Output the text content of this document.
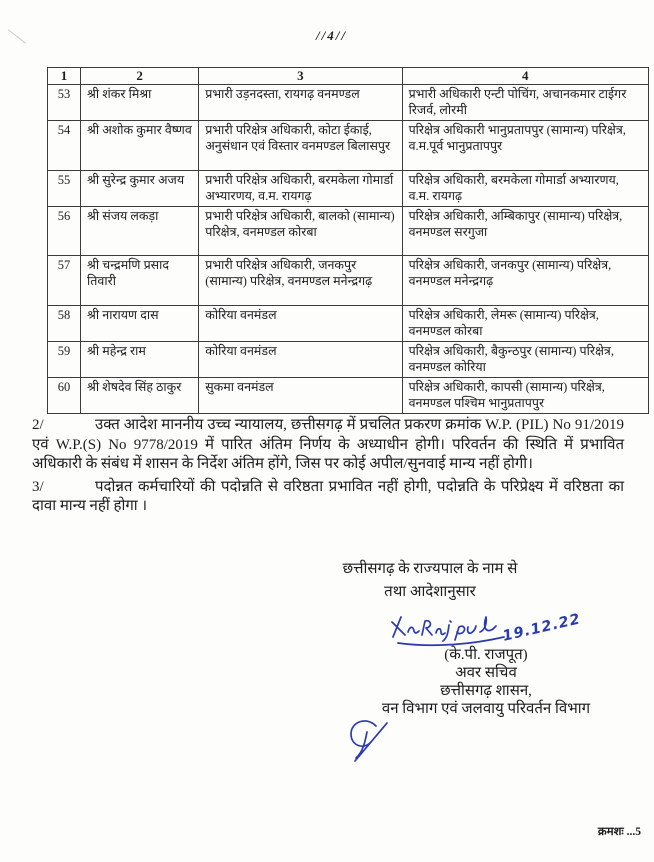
//4//
1	2	3	4
53	श्री शंकर मिश्रा	प्रभारी उड़नदस्ता, रायगढ़ वनमण्डल	प्रभारी अधिकारी एन्टी पोचिंग, अचानकमार टाईगर रिजर्व, लोरमी
54	श्री अशोक कुमार वैष्णव	प्रभारी परिक्षेत्र अधिकारी, कोटा ईकाई, अनुसंधान एवं विस्तार वनमण्डल बिलासपुर	परिक्षेत्र अधिकारी भानुप्रतापपुर (सामान्य) परिक्षेत्र, व.म.पूर्व भानुप्रतापपुर
55	श्री सुरेन्द्र कुमार अजय	प्रभारी परिक्षेत्र अधिकारी, बरमकेला गोमार्डा अभ्यारणय, व.म. रायगढ़	परिक्षेत्र अधिकारी, बरमकेला गोमार्डा अभ्यारणय, व.म. रायगढ़
56	श्री संजय लकड़ा	प्रभारी परिक्षेत्र अधिकारी, बालको (सामान्य) परिक्षेत्र, वनमण्डल कोरबा	परिक्षेत्र अधिकारी, अम्बिकापुर (सामान्य) परिक्षेत्र, वनमण्डल सरगुजा
57	श्री चन्द्रमणि प्रसाद तिवारी	प्रभारी परिक्षेत्र अधिकारी, जनकपुर (सामान्य) परिक्षेत्र, वनमण्डल मनेन्द्रगढ़	परिक्षेत्र अधिकारी, जनकपुर (सामान्य) परिक्षेत्र, वनमण्डल मनेन्द्रगढ़
58	श्री नारायण दास	कोरिया वनमंडल	परिक्षेत्र अधिकारी, लेमरू (सामान्य) परिक्षेत्र, वनमण्डल कोरबा
59	श्री महेन्द्र राम	कोरिया वनमंडल	परिक्षेत्र अधिकारी, बैकुन्ठपुर (सामान्य) परिक्षेत्र, वनमण्डल कोरिया
60	श्री शेषदेव सिंह ठाकुर	सुकमा वनमंडल	परिक्षेत्र अधिकारी, कापसी (सामान्य) परिक्षेत्र, वनमण्डल पश्चिम भानुप्रतापपुर

2/	उक्त आदेश माननीय उच्च न्यायालय, छत्तीसगढ़ में प्रचलित प्रकरण क्रमांक W.P. (PIL) No 91/2019 एवं W.P.(S) No 9778/2019 में पारित अंतिम निर्णय के अध्याधीन होगी। परिवर्तन की स्थिति में प्रभावित अधिकारी के संबंध में शासन के निर्देश अंतिम होंगे, जिस पर कोई अपील/सुनवाई मान्य नहीं होगी।

3/	पदोन्नत कर्मचारियों की पदोन्नति से वरिष्ठता प्रभावित नहीं होगी, पदोन्नति के परिप्रेक्ष्य में वरिष्ठता का दावा मान्य नहीं होगा ।

छत्तीसगढ़ के राज्यपाल के नाम से
तथा आदेशानुसार
19.12.22
(के.पी. राजपूत)
अवर सचिव
छत्तीसगढ़ शासन,
वन विभाग एवं जलवायु परिवर्तन विभाग
क्रमशः ...5
